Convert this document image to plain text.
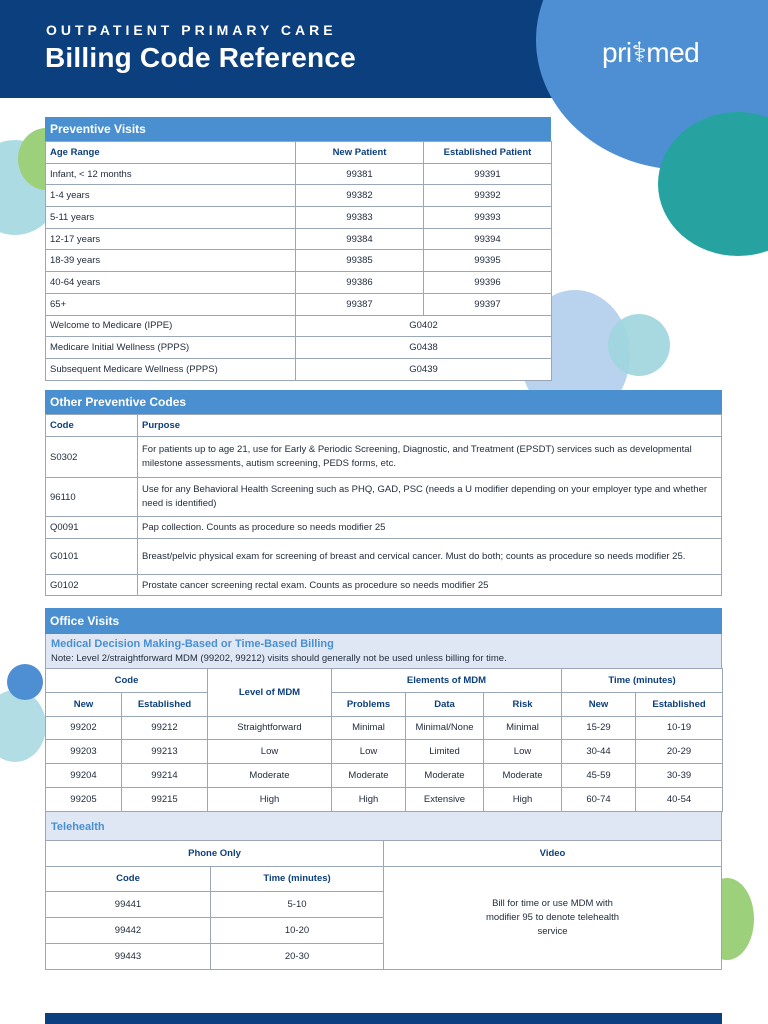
OUTPATIENT PRIMARY CARE
Billing Code Reference	pri⚕med
Preventive Visits
Age Range	New Patient	Established Patient
Infant, < 12 months	99381	99391
1-4 years	99382	99392
5-11 years	99383	99393
12-17 years	99384	99394
18-39 years	99385	99395
40-64 years	99386	99396
65+	99387	99397
Welcome to Medicare (IPPE)	G0402	
Medicare Initial Wellness (PPPS)	G0438	
Subsequent Medicare Wellness (PPPS)	G0439	
Other Preventive Codes
Code	Purpose
S0302	For patients up to age 21, use for Early & Periodic Screening, Diagnostic, and Treatment (EPSDT) services such as developmental milestone assessments, autism screening, PEDS forms, etc.
96110	Use for any Behavioral Health Screening such as PHQ, GAD, PSC (needs a U modifier depending on your employer type and whether need is identified)
Q0091	Pap collection. Counts as procedure so needs modifier 25
G0101	Breast/pelvic physical exam for screening of breast and cervical cancer. Must do both; counts as procedure so needs modifier 25.
G0102	Prostate cancer screening rectal exam. Counts as procedure so needs modifier 25
Office Visits
Medical Decision Making-Based or Time-Based Billing
Note: Level 2/straightforward MDM (99202, 99212) visits should generally not be used unless billing for time.
Code		Level of MDM	Elements of MDM			Time (minutes)	
New	Established		Problems	Data	Risk	New	Established
99202	99212	Straightforward	Minimal	Minimal/None	Minimal	15-29	10-19
99203	99213	Low	Low	Limited	Low	30-44	20-29
99204	99214	Moderate	Moderate	Moderate	Moderate	45-59	30-39
99205	99215	High	High	Extensive	High	60-74	40-54
Telehealth
Phone Only		Video
Code	Time (minutes)	Bill for time or use MDM with modifier 95 to denote telehealth service
99441	5-10	
99442	10-20	
99443	20-30	
